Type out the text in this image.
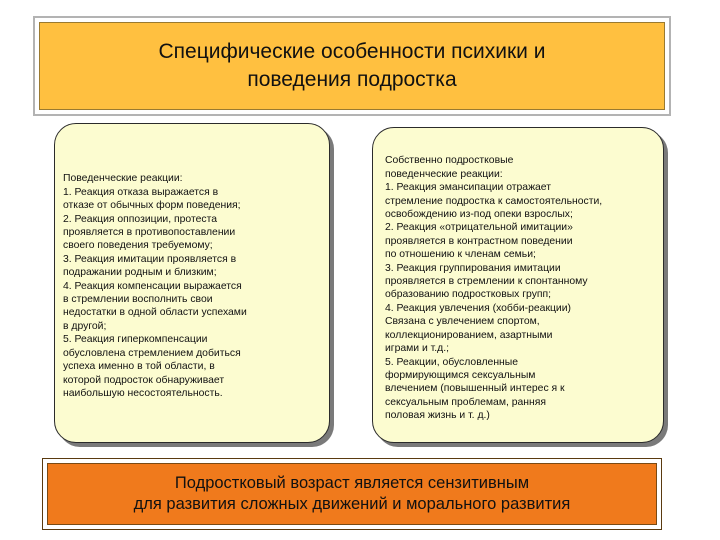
Специфические особенности психики и
поведения подростка

Поведенческие реакции:
1. Реакция отказа выражается в
отказе от обычных форм поведения;
2. Реакция оппозиции, протеста
проявляется в противопоставлении
своего поведения требуемому;
3. Реакция имитации проявляется в
подражании родным и близким;
4. Реакция компенсации выражается
в стремлении восполнить свои
недостатки в одной области успехами
в другой;
5. Реакция гиперкомпенсации
обусловлена стремлением добиться
успеха именно в той области, в
которой подросток обнаруживает
наибольшую несостоятельность.

Собственно подростковые
поведенческие реакции:
1. Реакция эмансипации отражает
стремление подростка к самостоятельности,
освобождению из-под опеки взрослых;
2. Реакция «отрицательной имитации»
проявляется в контрастном поведении
по отношению к членам семьи;
3. Реакция группирования имитации
проявляется в стремлении к спонтанному
образованию подростковых групп;
4. Реакция увлечения (хобби-реакции)
Связана с увлечением спортом,
коллекционированием, азартными
играми и т.д.;
5. Реакции, обусловленные
формирующимся сексуальным
влечением (повышенный интерес я к
сексуальным проблемам, ранняя
половая жизнь и т. д.)

Подростковый возраст является сензитивным
для развития сложных движений и морального развития
